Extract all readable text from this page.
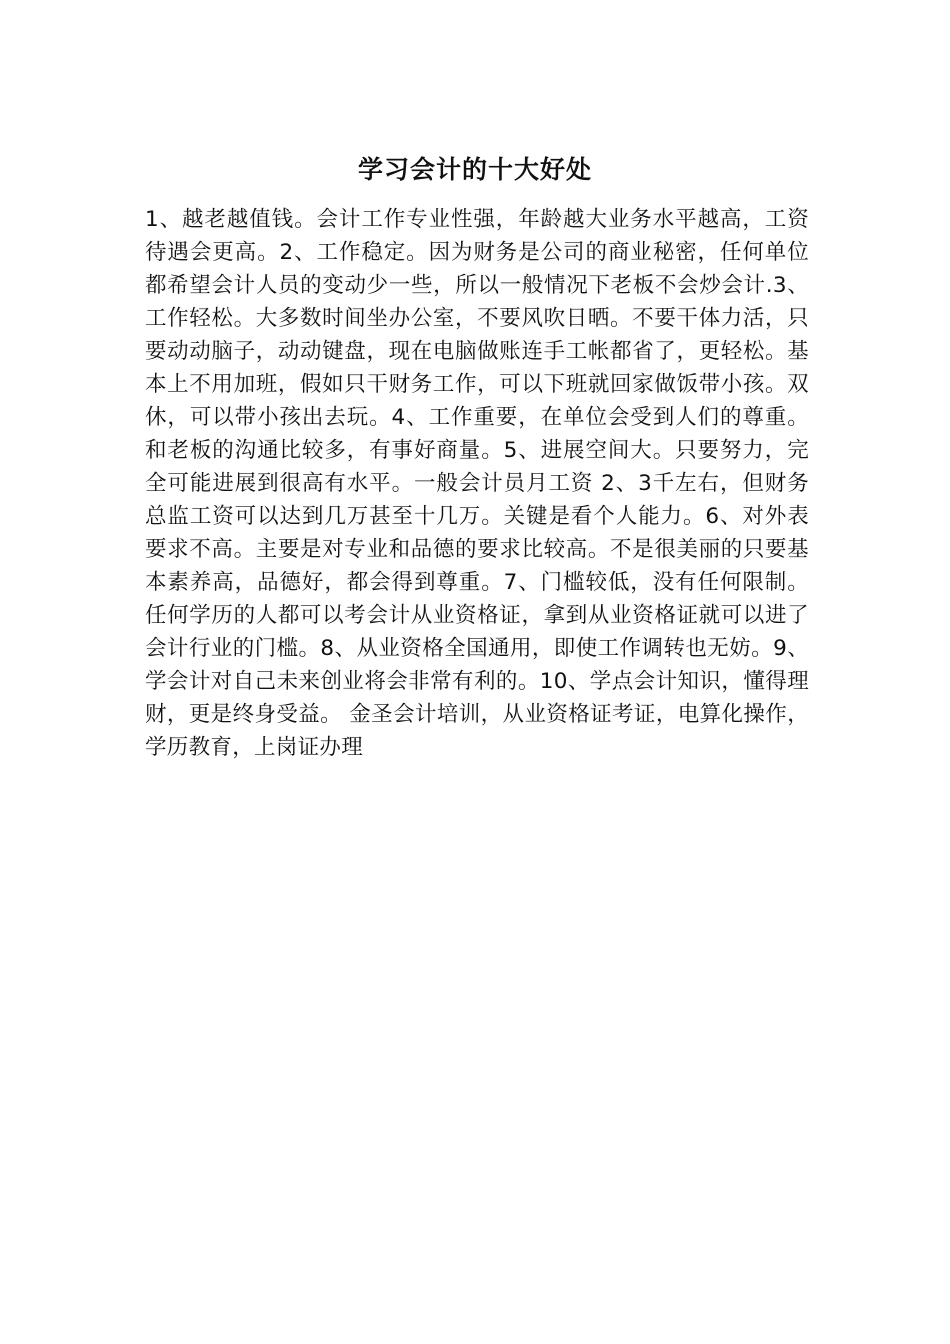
学习会计的十大好处

1、越老越值钱。会计工作专业性强，年龄越大业务水平越高，工资待遇会更高。2、工作稳定。因为财务是公司的商业秘密，任何单位都希望会计人员的变动少一些，所以一般情况下老板不会炒会计.3、工作轻松。大多数时间坐办公室，不要风吹日晒。不要干体力活，只要动动脑子，动动键盘，现在电脑做账连手工帐都省了，更轻松。基本上不用加班，假如只干财务工作，可以下班就回家做饭带小孩。双休，可以带小孩出去玩。4、工作重要，在单位会受到人们的尊重。和老板的沟通比较多，有事好商量。5、进展空间大。只要努力，完全可能进展到很高有水平。一般会计员月工资 2、3千左右，但财务总监工资可以达到几万甚至十几万。关键是看个人能力。6、对外表要求不高。主要是对专业和品德的要求比较高。不是很美丽的只要基本素养高，品德好，都会得到尊重。7、门槛较低，没有任何限制。任何学历的人都可以考会计从业资格证，拿到从业资格证就可以进了会计行业的门槛。8、从业资格全国通用，即使工作调转也无妨。9、学会计对自己未来创业将会非常有利的。10、学点会计知识，懂得理财，更是终身受益。 金圣会计培训，从业资格证考证，电算化操作，学历教育，上岗证办理
